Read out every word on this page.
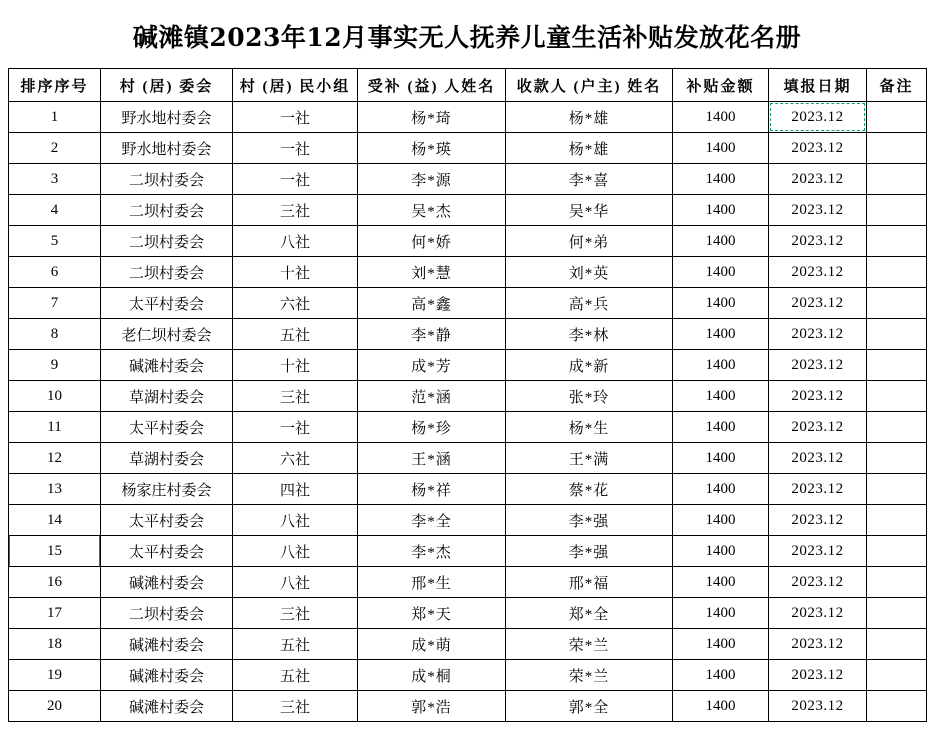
碱滩镇2023年12月事实无人抚养儿童生活补贴发放花名册
排序序号	村 (居) 委会	村 (居) 民小组	受补 (益) 人姓名	收款人 (户主) 姓名	补贴金额	填报日期	备注
1	野水地村委会	一社	杨*琦	杨*雄	1400	2023.12	
2	野水地村委会	一社	杨*瑛	杨*雄	1400	2023.12	
3	二坝村委会	一社	李*源	李*喜	1400	2023.12	
4	二坝村委会	三社	吴*杰	吴*华	1400	2023.12	
5	二坝村委会	八社	何*娇	何*弟	1400	2023.12	
6	二坝村委会	十社	刘*慧	刘*英	1400	2023.12	
7	太平村委会	六社	高*鑫	高*兵	1400	2023.12	
8	老仁坝村委会	五社	李*静	李*林	1400	2023.12	
9	碱滩村委会	十社	成*芳	成*新	1400	2023.12	
10	草湖村委会	三社	范*涵	张*玲	1400	2023.12	
11	太平村委会	一社	杨*珍	杨*生	1400	2023.12	
12	草湖村委会	六社	王*涵	王*满	1400	2023.12	
13	杨家庄村委会	四社	杨*祥	蔡*花	1400	2023.12	
14	太平村委会	八社	李*全	李*强	1400	2023.12	
15	太平村委会	八社	李*杰	李*强	1400	2023.12	
16	碱滩村委会	八社	邢*生	邢*福	1400	2023.12	
17	二坝村委会	三社	郑*天	郑*全	1400	2023.12	
18	碱滩村委会	五社	成*萌	荣*兰	1400	2023.12	
19	碱滩村委会	五社	成*桐	荣*兰	1400	2023.12	
20	碱滩村委会	三社	郭*浩	郭*全	1400	2023.12	
